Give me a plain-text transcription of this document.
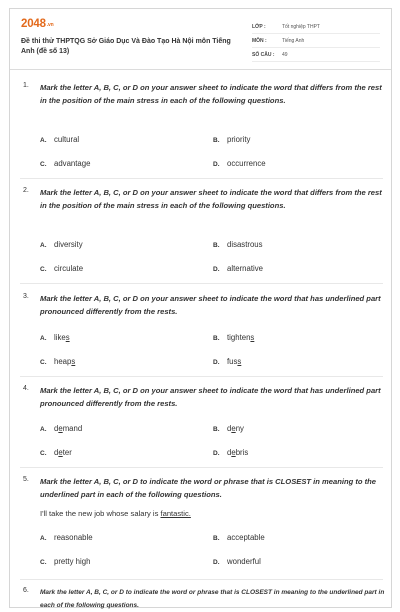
2048.vn
Đề thi thử THPTQG Sở Giáo Dục Và Đào Tạo Hà Nội môn Tiếng Anh (đề số 13)
LỚP :	Tốt nghiệp THPT
MÔN :	Tiếng Anh
SỐ CÂU : 49
1. Mark the letter A, B, C, or D on your answer sheet to indicate the word that differs from the rest in the position of the main stress in each of the following questions.
A. cultural	B. priority
C. advantage	D. occurrence
2. Mark the letter A, B, C, or D on your answer sheet to indicate the word that differs from the rest in the position of the main stress in each of the following questions.
A. diversity	B. disastrous
C. circulate	D. alternative
3. Mark the letter A, B, C, or D on your answer sheet to indicate the word that has underlined part pronounced differently from the rests.
A. likes	B. tightens
C. heaps	D. fuss
4. Mark the letter A, B, C, or D on your answer sheet to indicate the word that has underlined part pronounced differently from the rests.
A. demand	B. deny
C. deter	D. debris
5. Mark the letter A, B, C, or D to indicate the word or phrase that is CLOSEST in meaning to the underlined part in each of the following questions.
I'll take the new job whose salary is fantastic.
A. reasonable	B. acceptable
C. pretty high	D. wonderful
6. Mark the letter A, B, C, or D to indicate the word or phrase that is CLOSEST in meaning to the underlined part in each of the following questions.
